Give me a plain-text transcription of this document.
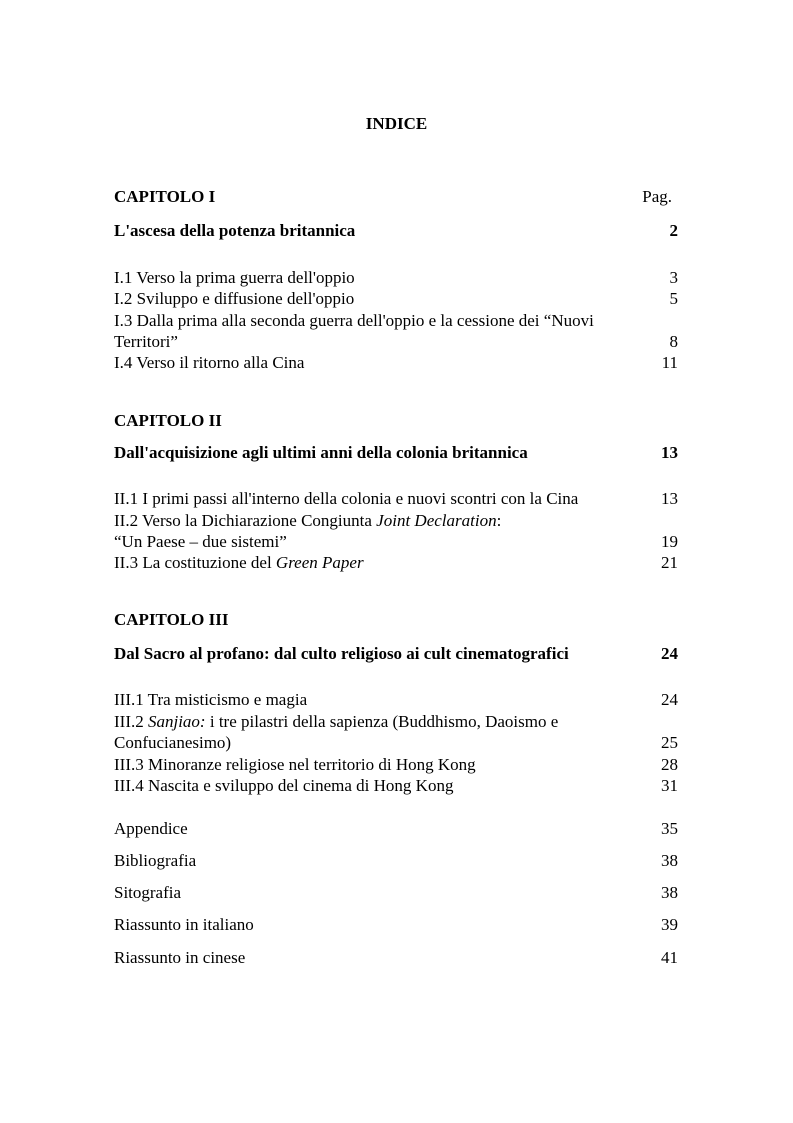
INDICE
CAPITOLO I	Pag.
L'ascesa della potenza britannica	2
I.1 Verso la prima guerra dell'oppio	3
I.2 Sviluppo e diffusione dell'oppio	5
I.3 Dalla prima alla seconda guerra dell'oppio e la cessione dei “Nuovi
Territori”	8
I.4 Verso il ritorno alla Cina	11
CAPITOLO II
Dall'acquisizione agli ultimi anni della colonia britannica	13
II.1 I primi passi all'interno della colonia e nuovi scontri con la Cina	13
II.2 Verso la Dichiarazione Congiunta Joint Declaration:
“Un Paese – due sistemi”	19
II.3 La costituzione del Green Paper	21
CAPITOLO III
Dal Sacro al profano: dal culto religioso ai cult cinematografici	24
III.1 Tra misticismo e magia	24
III.2 Sanjiao: i tre pilastri della sapienza (Buddhismo, Daoismo e
Confucianesimo)	25
III.3 Minoranze religiose nel territorio di Hong Kong	28
III.4 Nascita e sviluppo del cinema di Hong Kong	31
Appendice	35
Bibliografia	38
Sitografia	38
Riassunto in italiano	39
Riassunto in cinese	41
